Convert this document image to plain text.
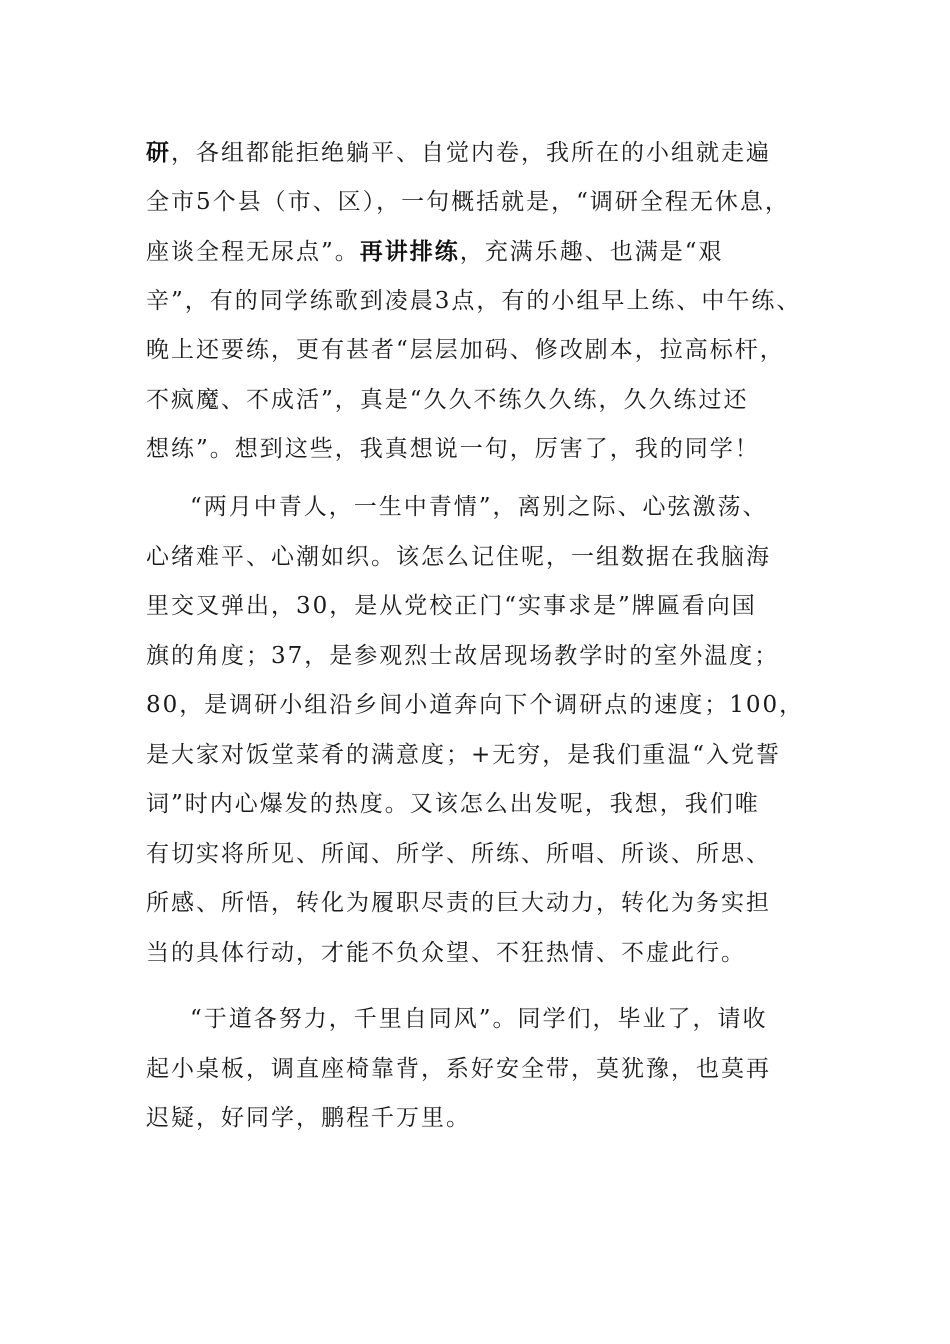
研，各组都能拒绝躺平、自觉内卷，我所在的小组就走遍
全市5个县（市、区），一句概括就是，“调研全程无休息，
座谈全程无尿点”。再讲排练，充满乐趣、也满是“艰
辛”，有的同学练歌到凌晨3点，有的小组早上练、中午练、
晚上还要练，更有甚者“层层加码、修改剧本，拉高标杆，
不疯魔、不成活”，真是“久久不练久久练，久久练过还
想练”。想到这些，我真想说一句，厉害了，我的同学！
“两月中青人，一生中青情”，离别之际、心弦激荡、
心绪难平、心潮如织。该怎么记住呢，一组数据在我脑海
里交叉弹出，30，是从党校正门“实事求是”牌匾看向国
旗的角度；37，是参观烈士故居现场教学时的室外温度；
80，是调研小组沿乡间小道奔向下个调研点的速度；100，
是大家对饭堂菜肴的满意度；+无穷，是我们重温“入党誓
词”时内心爆发的热度。又该怎么出发呢，我想，我们唯
有切实将所见、所闻、所学、所练、所唱、所谈、所思、
所感、所悟，转化为履职尽责的巨大动力，转化为务实担
当的具体行动，才能不负众望、不狂热情、不虚此行。
“于道各努力，千里自同风”。同学们，毕业了，请收
起小桌板，调直座椅靠背，系好安全带，莫犹豫，也莫再
迟疑，好同学，鹏程千万里。
